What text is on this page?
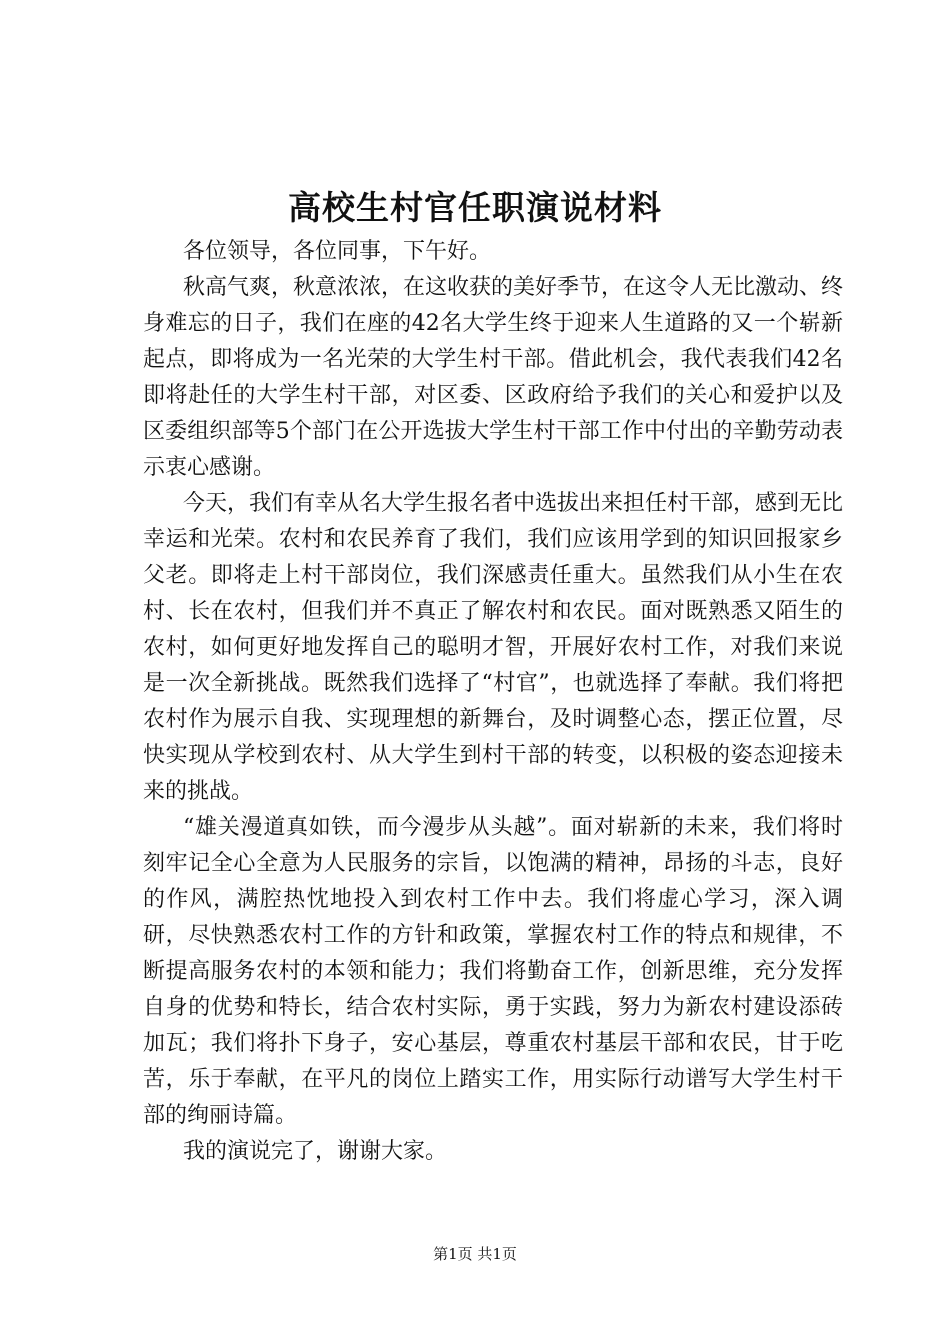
高校生村官任职演说材料

各位领导，各位同事，下午好。

秋高气爽，秋意浓浓，在这收获的美好季节，在这令人无比激动、终身难忘的日子，我们在座的42名大学生终于迎来人生道路的又一个崭新起点，即将成为一名光荣的大学生村干部。借此机会，我代表我们42名即将赴任的大学生村干部，对区委、区政府给予我们的关心和爱护以及区委组织部等5个部门在公开选拔大学生村干部工作中付出的辛勤劳动表示衷心感谢。

今天，我们有幸从名大学生报名者中选拔出来担任村干部，感到无比幸运和光荣。农村和农民养育了我们，我们应该用学到的知识回报家乡父老。即将走上村干部岗位，我们深感责任重大。虽然我们从小生在农村、长在农村，但我们并不真正了解农村和农民。面对既熟悉又陌生的农村，如何更好地发挥自己的聪明才智，开展好农村工作，对我们来说是一次全新挑战。既然我们选择了“村官”，也就选择了奉献。我们将把农村作为展示自我、实现理想的新舞台，及时调整心态，摆正位置，尽快实现从学校到农村、从大学生到村干部的转变，以积极的姿态迎接未来的挑战。

“雄关漫道真如铁，而今漫步从头越”。面对崭新的未来，我们将时刻牢记全心全意为人民服务的宗旨，以饱满的精神，昂扬的斗志，良好的作风，满腔热忱地投入到农村工作中去。我们将虚心学习，深入调研，尽快熟悉农村工作的方针和政策，掌握农村工作的特点和规律，不断提高服务农村的本领和能力；我们将勤奋工作，创新思维，充分发挥自身的优势和特长，结合农村实际，勇于实践，努力为新农村建设添砖加瓦；我们将扑下身子，安心基层，尊重农村基层干部和农民，甘于吃苦，乐于奉献，在平凡的岗位上踏实工作，用实际行动谱写大学生村干部的绚丽诗篇。

我的演说完了，谢谢大家。

第1页 共1页
